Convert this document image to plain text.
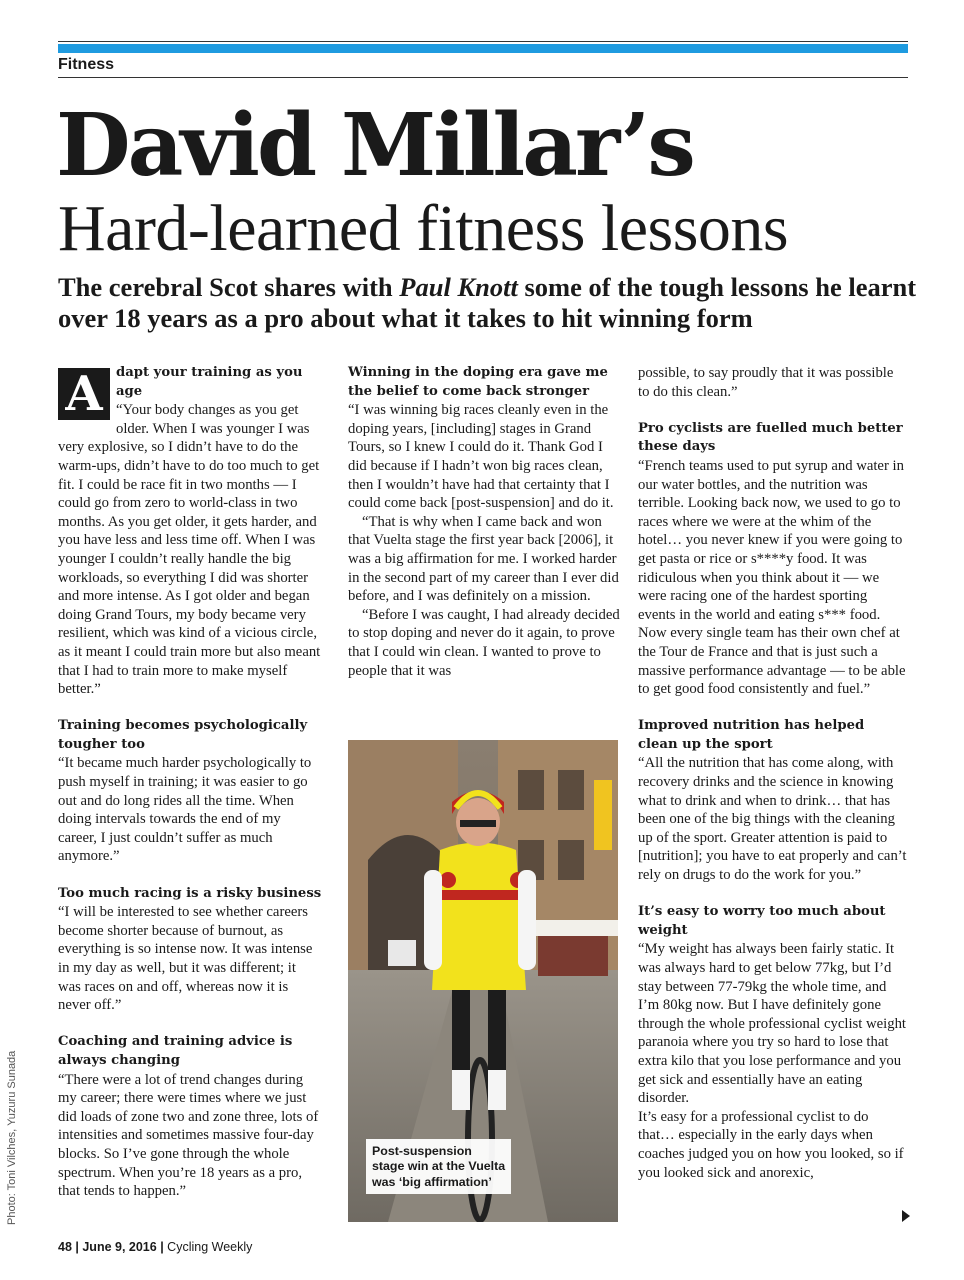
Fitness
David Millar’s
Hard-learned fitness lessons
The cerebral Scot shares with Paul Knott some of the tough lessons he learnt over 18 years as a pro about what it takes to hit winning form
A	dapt your training as you age

“Your body changes as you get older. When I was younger I was very explosive, so I didn’t have to do the warm-ups, didn’t have to do too much to get fit. I could be race fit in two months — I could go from zero to world-class in two months. As you get older, it gets harder, and you have less and less time off. When I was younger I couldn’t really handle the big workloads, so everything I did was shorter and more intense. As I got older and began doing Grand Tours, my body became very resilient, which was kind of a vicious circle, as it meant I could train more but also meant that I had to train more to make myself better.”

Training becomes psychologically tougher too

“It became much harder psychologically to push myself in training; it was easier to go out and do long rides all the time. When doing intervals towards the end of my career, I just couldn’t suffer as much anymore.”

Too much racing is a risky business

“I will be interested to see whether careers become shorter because of burnout, as everything is so intense now. It was intense in my day as well, but it was different; it was races on and off, whereas now it is never off.”

Coaching and training advice is always changing

“There were a lot of trend changes during my career; there were times where we just did loads of zone two and zone three, lots of intensities and sometimes massive four-day blocks. So I’ve gone through the whole spectrum. When you’re 18 years as a pro, that tends to happen.”

Winning in the doping era gave me the belief to come back stronger

“I was winning big races cleanly even in the doping years, [including] stages in Grand Tours, so I knew I could do it. Thank God I did because if I hadn’t won big races clean, then I wouldn’t have had that certainty that I could come back [post-suspension] and do it.

“That is why when I came back and won that Vuelta stage the first year back [2006], it was a big affirmation for me. I worked harder in the second part of my career than I ever did before, and I was definitely on a mission.

“Before I was caught, I had already decided to stop doping and never do it again, to prove that I could win clean. I wanted to prove to people that it was

Post-suspension
stage win at the Vuelta
was ‘big affirmation’

possible, to say proudly that it was possible to do this clean.”

Pro cyclists are fuelled much better these days

“French teams used to put syrup and water in our water bottles, and the nutrition was terrible. Looking back now, we used to go to races where we were at the whim of the hotel… you never knew if you were going to get pasta or rice or s****y food. It was ridiculous when you think about it — we were racing one of the hardest sporting events in the world and eating s*** food. Now every single team has their own chef at the Tour de France and that is just such a massive performance advantage — to be able to get good food consistently and fuel.”

Improved nutrition has helped clean up the sport

“All the nutrition that has come along, with recovery drinks and the science in knowing what to drink and when to drink… that has been one of the big things with the cleaning up of the sport. Greater attention is paid to [nutrition]; you have to eat properly and can’t rely on drugs to do the work for you.”

It’s easy to worry too much about weight

“My weight has always been fairly static. It was always hard to get below 77kg, but I’d stay between 77-79kg the whole time, and I’m 80kg now. But I have definitely gone through the whole professional cyclist weight paranoia where you try so hard to lose that extra kilo that you lose performance and you get sick and essentially have an eating disorder.

It’s easy for a professional cyclist to do that… especially in the early days when coaches judged you on how you looked, so if you looked sick and anorexic,

Photo: Toni Vilches, Yuzuru Sunada
48 | June 9, 2016 | Cycling Weekly
